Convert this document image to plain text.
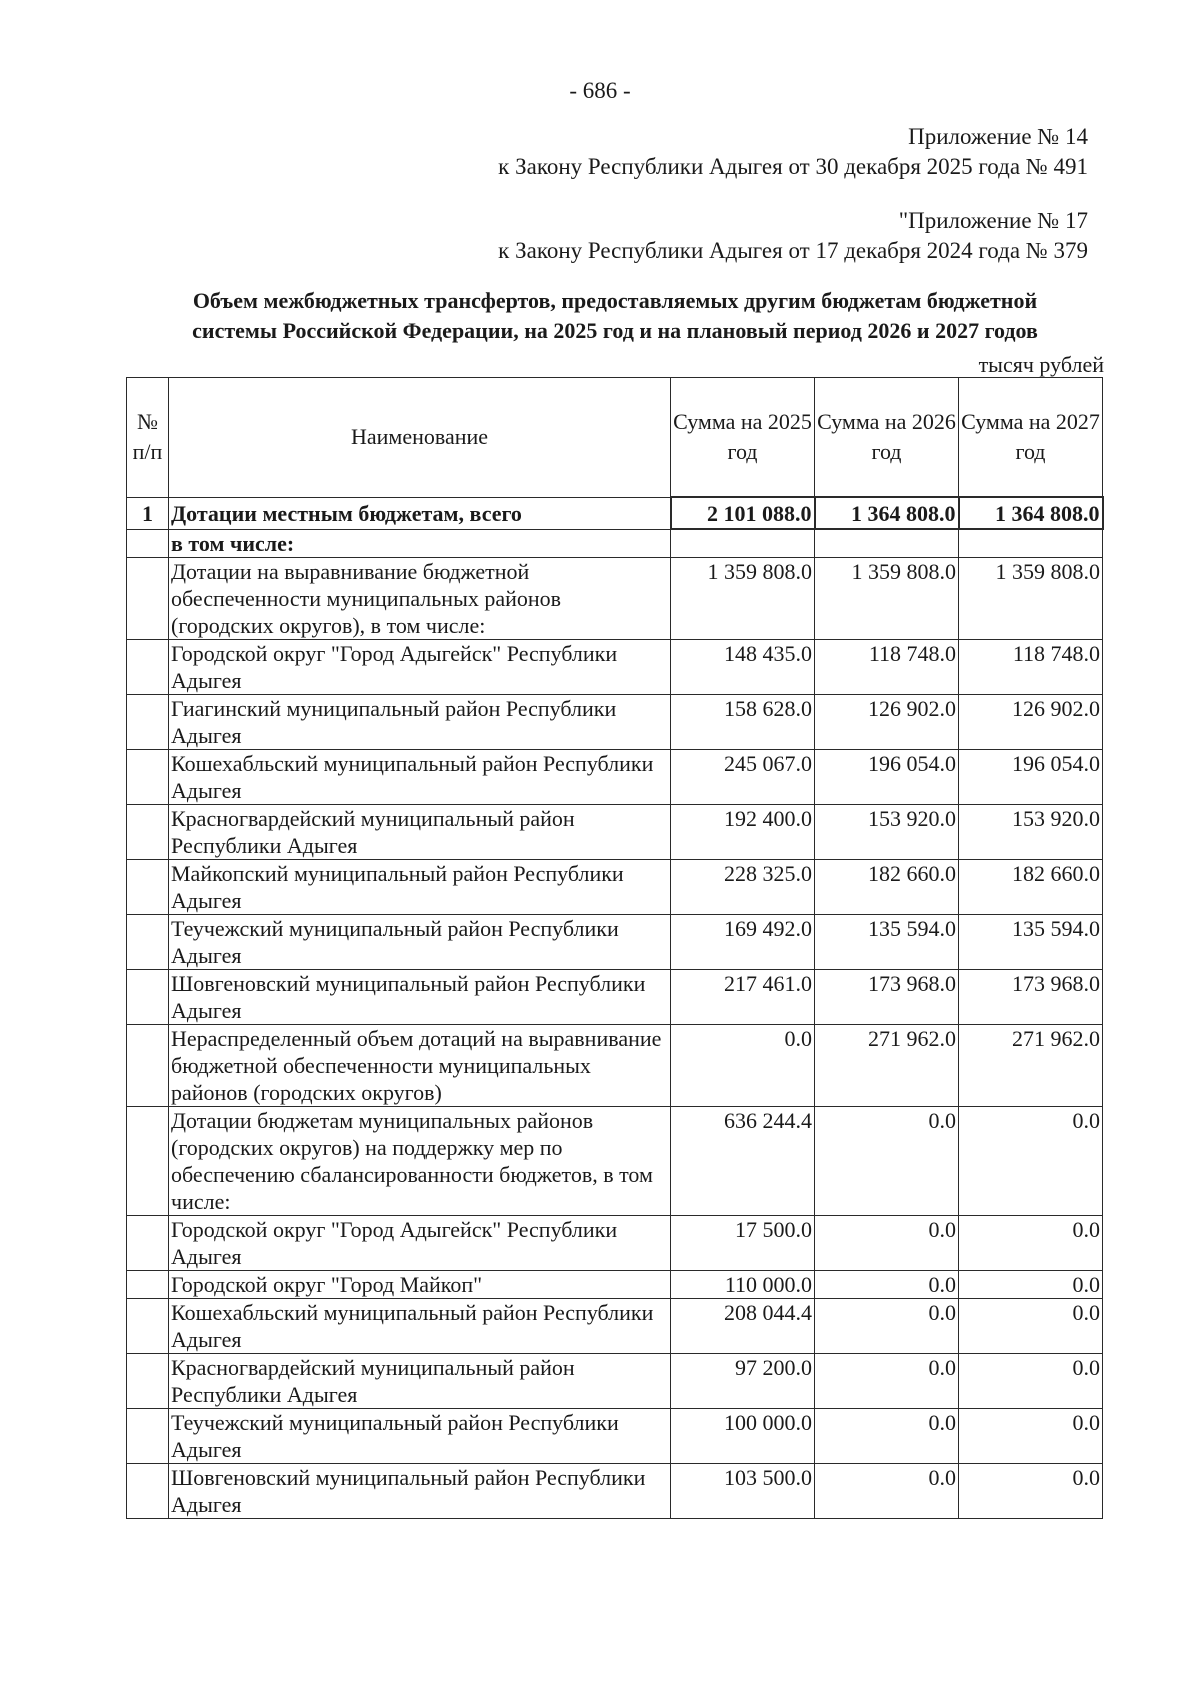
- 686 -
Приложение № 14
к Закону Республики Адыгея от 30 декабря 2025 года № 491
"Приложение № 17
к Закону Республики Адыгея от 17 декабря 2024 года № 379
Объем межбюджетных трансфертов, предоставляемых другим бюджетам бюджетной
системы Российской Федерации, на 2025 год и на плановый период 2026 и 2027 годов
тысяч рублей
№ п/п	Наименование	Сумма на 2025 год	Сумма на 2026 год	Сумма на 2027 год
1	Дотации местным бюджетам, всего	2 101 088.0	1 364 808.0	1 364 808.0
	в том числе:			
	Дотации на выравнивание бюджетной обеспеченности муниципальных районов (городских округов), в том числе:	1 359 808.0	1 359 808.0	1 359 808.0
	Городской округ "Город Адыгейск" Республики Адыгея	148 435.0	118 748.0	118 748.0
	Гиагинский муниципальный район Республики Адыгея	158 628.0	126 902.0	126 902.0
	Кошехабльский муниципальный район Республики Адыгея	245 067.0	196 054.0	196 054.0
	Красногвардейский муниципальный район Республики Адыгея	192 400.0	153 920.0	153 920.0
	Майкопский муниципальный район Республики Адыгея	228 325.0	182 660.0	182 660.0
	Теучежский муниципальный район Республики Адыгея	169 492.0	135 594.0	135 594.0
	Шовгеновский муниципальный район Республики Адыгея	217 461.0	173 968.0	173 968.0
	Нераспределенный объем дотаций на выравнивание бюджетной обеспеченности муниципальных районов (городских округов)	0.0	271 962.0	271 962.0
	Дотации бюджетам муниципальных районов (городских округов) на поддержку мер по обеспечению сбалансированности бюджетов, в том числе:	636 244.4	0.0	0.0
	Городской округ "Город Адыгейск" Республики Адыгея	17 500.0	0.0	0.0
	Городской округ "Город Майкоп"	110 000.0	0.0	0.0
	Кошехабльский муниципальный район Республики Адыгея	208 044.4	0.0	0.0
	Красногвардейский муниципальный район Республики Адыгея	97 200.0	0.0	0.0
	Теучежский муниципальный район Республики Адыгея	100 000.0	0.0	0.0
	Шовгеновский муниципальный район Республики Адыгея	103 500.0	0.0	0.0
